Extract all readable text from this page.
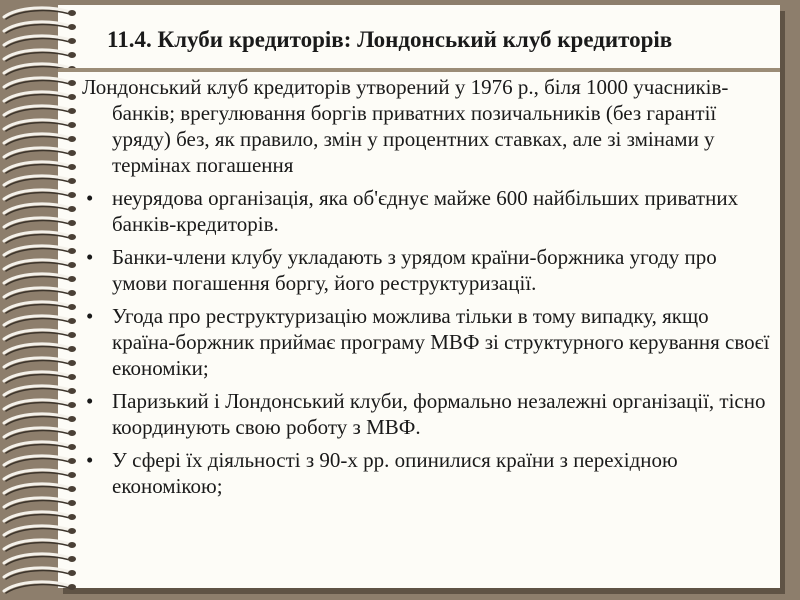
11.4. Клуби кредиторів: Лондонський клуб кредиторів
Лондонський клуб кредиторів утворений у 1976 р., біля 1000 учасників-банків; врегулювання боргів приватних позичальників (без гарантії уряду) без, як правило, змін у процентних ставках, але зі змінами у термінах погашення
• неурядова організація, яка об'єднує майже 600 найбільших приватних банків-кредиторів.
• Банки-члени клубу укладають з урядом країни-боржника угоду про умови погашення боргу, його реструктуризації.
• Угода про реструктуризацію можлива тільки в тому випадку, якщо країна-боржник приймає програму МВФ зі структурного керування своєї економіки;
• Паризький і Лондонський клуби, формально незалежні організації, тісно координують свою роботу з МВФ.
• У сфері їх діяльності з 90-х рр. опинилися країни з перехідною економікою;
